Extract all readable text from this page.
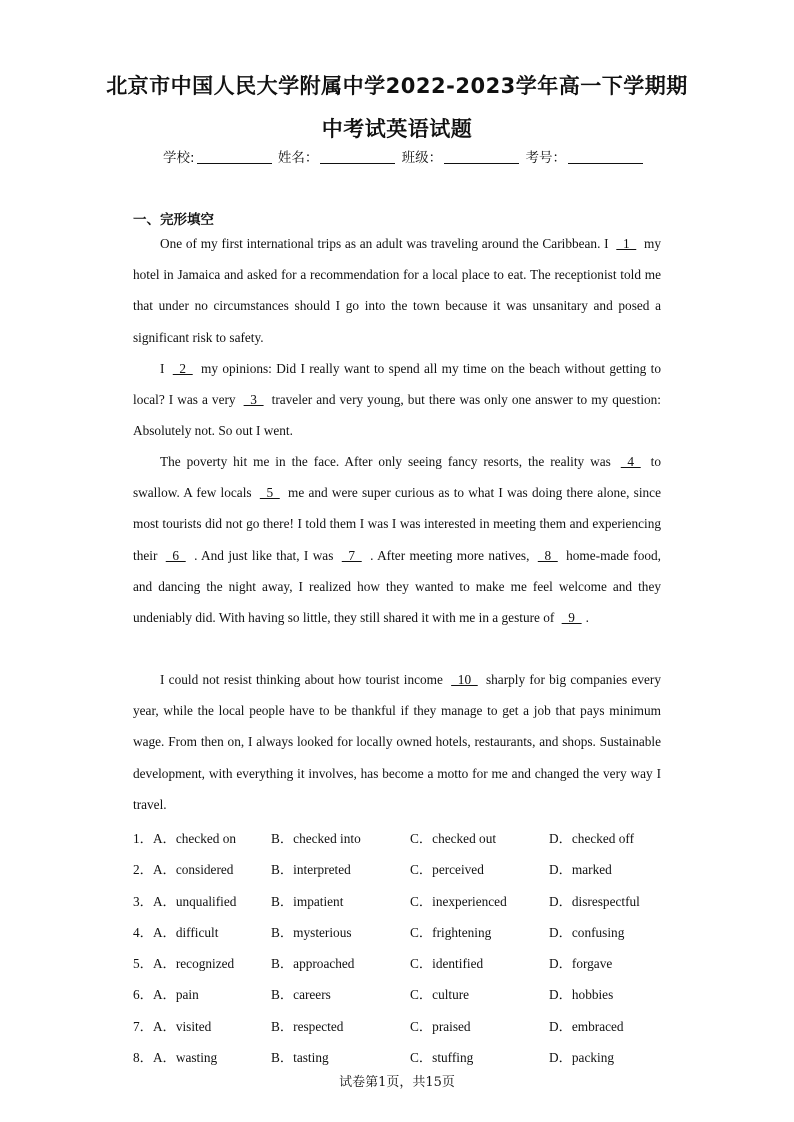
北京市中国人民大学附属中学2022-2023学年高一下学期期
中考试英语试题
学校:	姓名：	班级：	考号：
一、完形填空
One of my first international trips as an adult was traveling around the Caribbean. I  1  my hotel in Jamaica and asked for a recommendation for a local place to eat. The receptionist told me that under no circumstances should I go into the town because it was unsanitary and posed a significant risk to safety.
I  2  my opinions: Did I really want to spend all my time on the beach without getting to local? I was a very  3  traveler and very young, but there was only one answer to my question: Absolutely not. So out I went.
The poverty hit me in the face. After only seeing fancy resorts, the reality was  4  to swallow. A few locals  5  me and were super curious as to what I was doing there alone, since most tourists did not go there! I told them I was I was interested in meeting them and experiencing their  6  . And just like that, I was  7  . After meeting more natives,  8  home-made food, and dancing the night away, I realized how they wanted to make me feel welcome and they undeniably did. With having so little, they still shared it with me in a gesture of  9 .
I could not resist thinking about how tourist income  10  sharply for big companies every year, while the local people have to be thankful if they manage to get a job that pays minimum wage. From then on, I always looked for locally owned hotels, restaurants, and shops. Sustainable development, with everything it involves, has become a motto for me and changed the very way I travel.
1．A．checked on	B．checked into	C．checked out	D．checked off
2．A．considered	B．interpreted	C．perceived	D．marked
3．A．unqualified	B．impatient	C．inexperienced	D．disrespectful
4．A．difficult	B．mysterious	C．frightening	D．confusing
5．A．recognized	B．approached	C．identified	D．forgave
6．A．pain	B．careers	C．culture	D．hobbies
7．A．visited	B．respected	C．praised	D．embraced
8．A．wasting	B．tasting	C．stuffing	D．packing
试卷第1页，共15页
